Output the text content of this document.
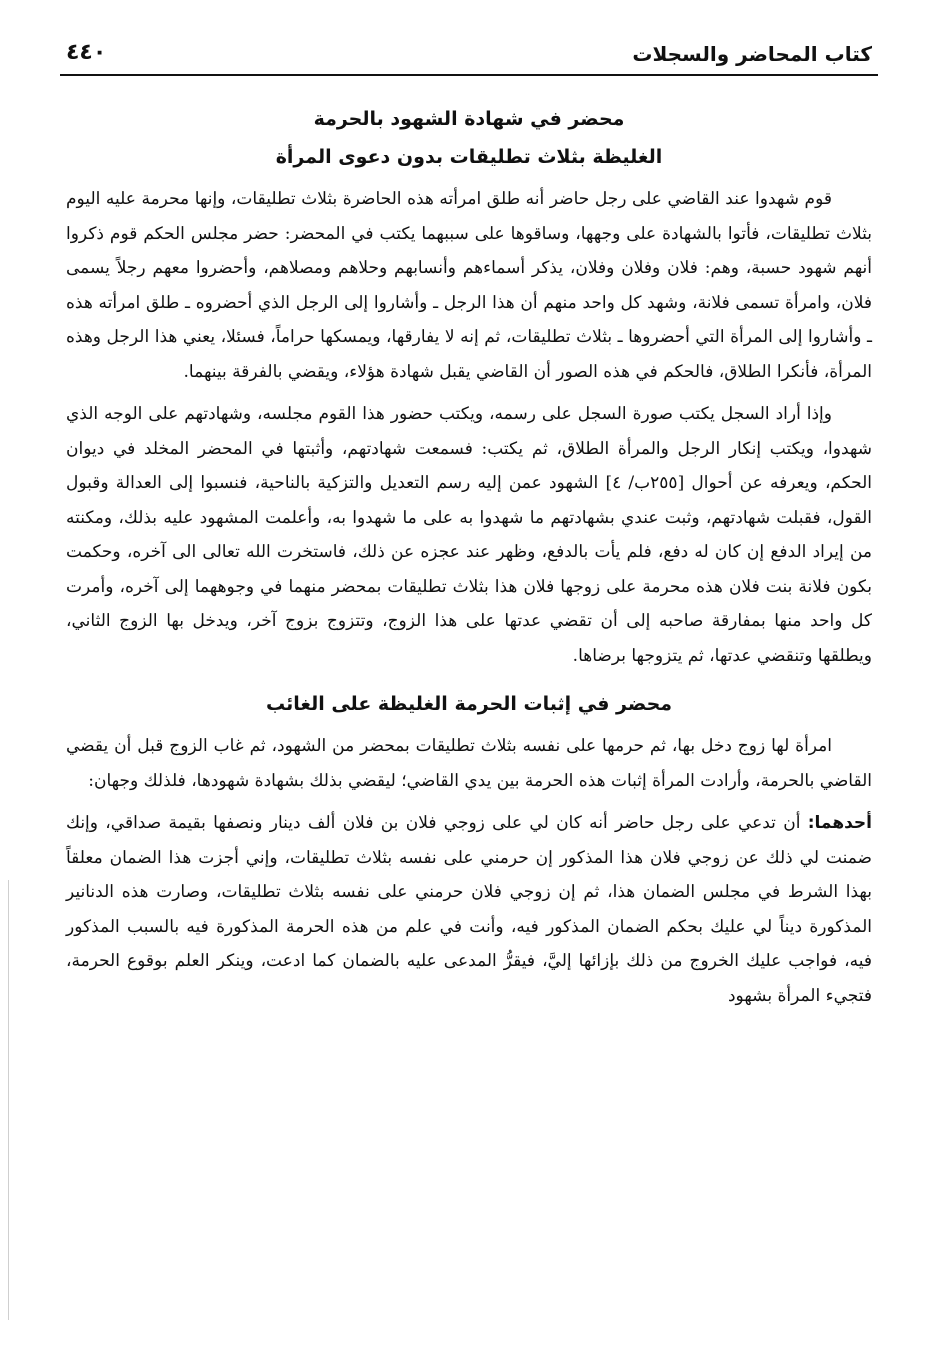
كتاب المحاضر والسجلات
٤٤٠
محضر في شهادة الشهود بالحرمة
الغليظة بثلاث تطليقات بدون دعوى المرأة

قوم شهدوا عند القاضي على رجل حاضر أنه طلق امرأته هذه الحاضرة بثلاث تطليقات، وإنها محرمة عليه اليوم بثلاث تطليقات، فأتوا بالشهادة على وجهها، وساقوها على سببهما يكتب في المحضر: حضر مجلس الحكم قوم ذكروا أنهم شهود حسبة، وهم: فلان وفلان وفلان، يذكر أسماءهم وأنسابهم وحلاهم ومصلاهم، وأحضروا معهم رجلاً يسمى فلان، وامرأة تسمى فلانة، وشهد كل واحد منهم أن هذا الرجل ـ وأشاروا إلى الرجل الذي أحضروه ـ طلق امرأته هذه ـ وأشاروا إلى المرأة التي أحضروها ـ بثلاث تطليقات، ثم إنه لا يفارقها، ويمسكها حراماً، فسئلا، يعني هذا الرجل وهذه المرأة، فأنكرا الطلاق، فالحكم في هذه الصور أن القاضي يقبل شهادة هؤلاء، ويقضي بالفرقة بينهما.

وإذا أراد السجل يكتب صورة السجل على رسمه، ويكتب حضور هذا القوم مجلسه، وشهادتهم على الوجه الذي شهدوا، ويكتب إنكار الرجل والمرأة الطلاق، ثم يكتب: فسمعت شهادتهم، وأثبتها في المحضر المخلد في ديوان الحكم، ويعرفه عن أحوال [٢٥٥ب/ ٤] الشهود عمن إليه رسم التعديل والتزكية بالناحية، فنسبوا إلى العدالة وقبول القول، فقبلت شهادتهم، وثبت عندي بشهادتهم ما شهدوا به على ما شهدوا به، وأعلمت المشهود عليه بذلك، ومكنته من إيراد الدفع إن كان له دفع، فلم يأت بالدفع، وظهر عند عجزه عن ذلك، فاستخرت الله تعالى الى آخره، وحكمت بكون فلانة بنت فلان هذه محرمة على زوجها فلان هذا بثلاث تطليقات بمحضر منهما في وجوههما إلى آخره، وأمرت كل واحد منها بمفارقة صاحبه إلى أن تقضي عدتها على هذا الزوج، وتتزوج بزوج آخر، ويدخل بها الزوج الثاني، ويطلقها وتنقضي عدتها، ثم يتزوجها برضاها.

محضر في إثبات الحرمة الغليظة على الغائب

امرأة لها زوج دخل بها، ثم حرمها على نفسه بثلاث تطليقات بمحضر من الشهود، ثم غاب الزوج قبل أن يقضي القاضي بالحرمة، وأرادت المرأة إثبات هذه الحرمة بين يدي القاضي؛ ليقضي بذلك بشهادة شهودها، فلذلك وجهان:

أحدهما: أن تدعي على رجل حاضر أنه كان لي على زوجي فلان بن فلان ألف دينار ونصفها بقيمة صداقي، وإنك ضمنت لي ذلك عن زوجي فلان هذا المذكور إن حرمني على نفسه بثلاث تطليقات، وإني أجزت هذا الضمان معلقاً بهذا الشرط في مجلس الضمان هذا، ثم إن زوجي فلان حرمني على نفسه بثلاث تطليقات، وصارت هذه الدنانير المذكورة ديناً لي عليك بحكم الضمان المذكور فيه، وأنت في علم من هذه الحرمة المذكورة فيه بالسبب المذكور فيه، فواجب عليك الخروج من ذلك بإزائها إليَّ، فيقرُّ المدعى عليه بالضمان كما ادعت، وينكر العلم بوقوع الحرمة، فتجيء المرأة بشهود
